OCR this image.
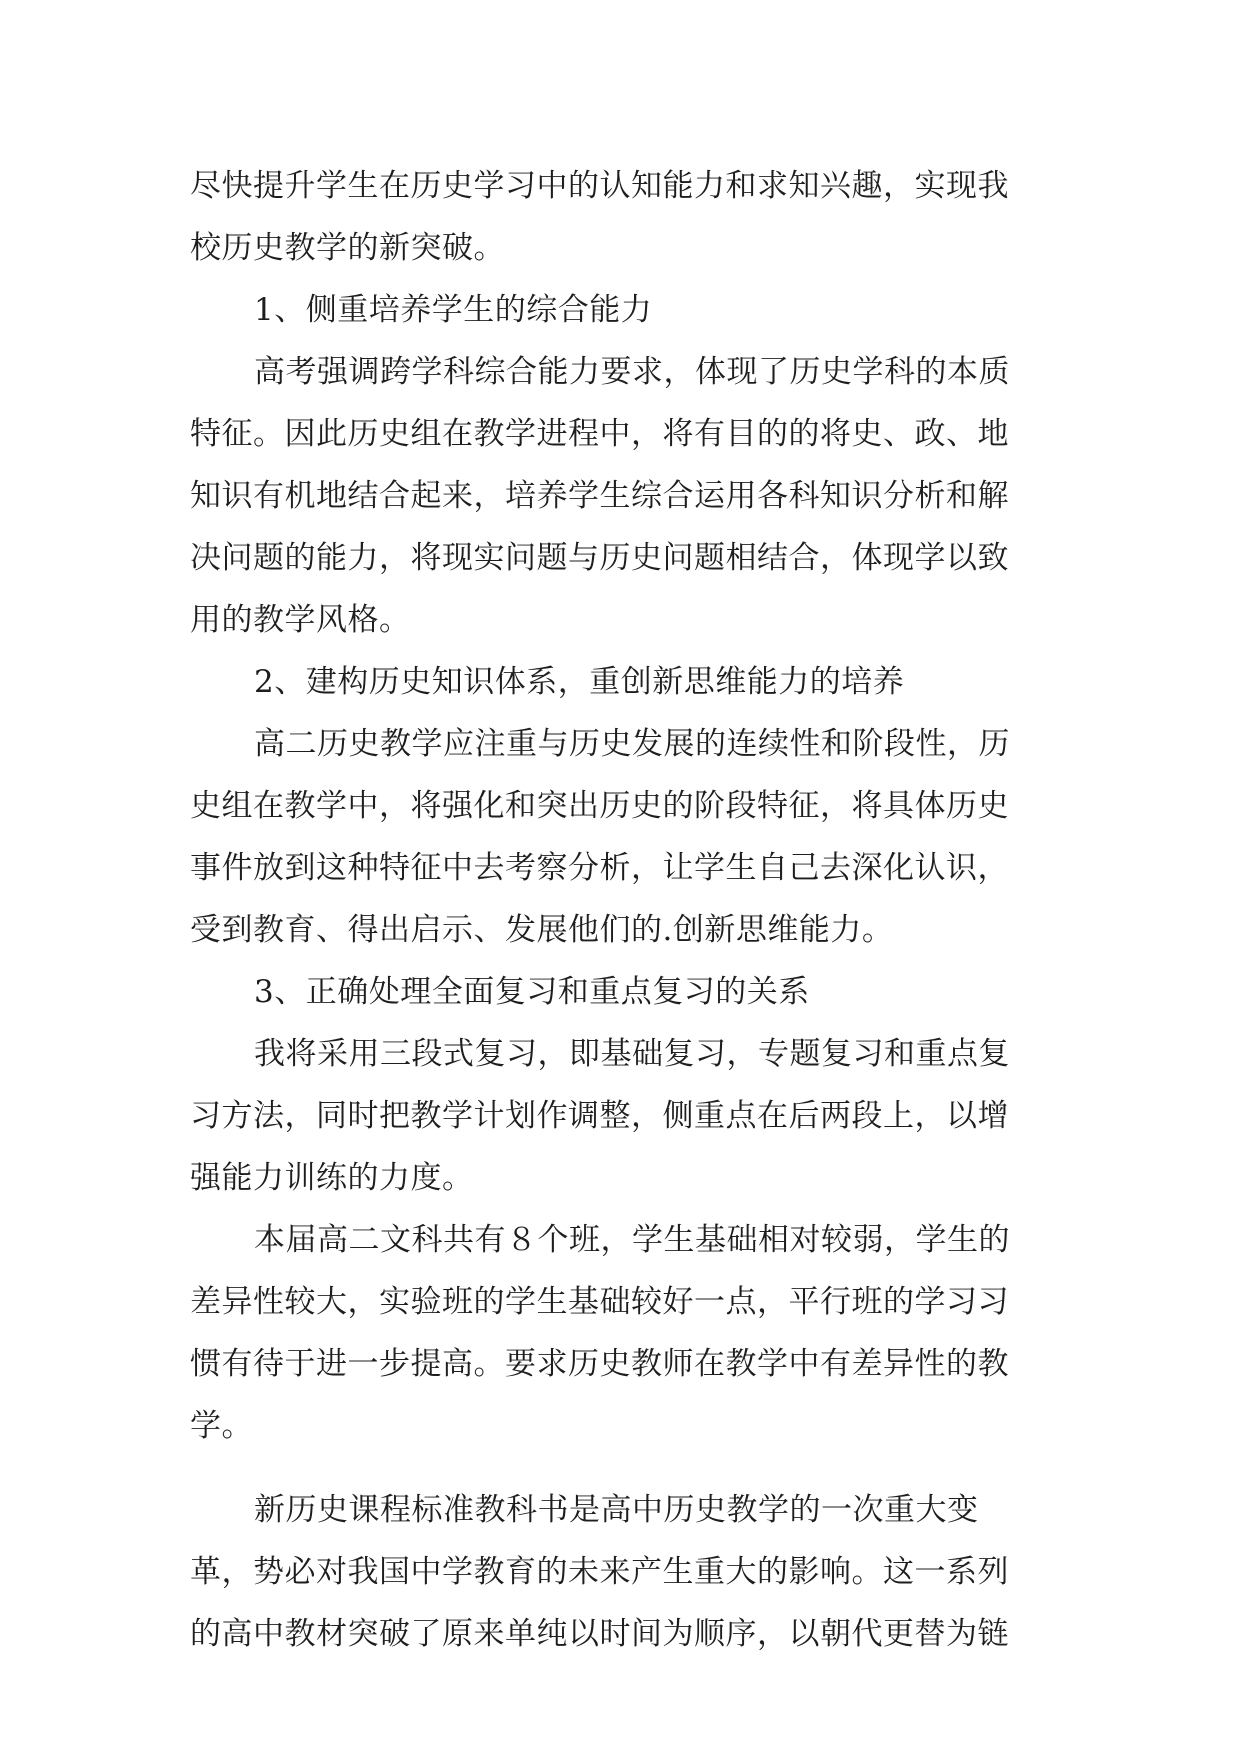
尽快提升学生在历史学习中的认知能力和求知兴趣，实现我
校历史教学的新突破。
1、侧重培养学生的综合能力
高考强调跨学科综合能力要求，体现了历史学科的本质
特征。因此历史组在教学进程中，将有目的的将史、政、地
知识有机地结合起来，培养学生综合运用各科知识分析和解
决问题的能力，将现实问题与历史问题相结合，体现学以致
用的教学风格。
2、建构历史知识体系，重创新思维能力的培养
高二历史教学应注重与历史发展的连续性和阶段性，历
史组在教学中，将强化和突出历史的阶段特征，将具体历史
事件放到这种特征中去考察分析，让学生自己去深化认识，
受到教育、得出启示、发展他们的.创新思维能力。
3、正确处理全面复习和重点复习的关系
我将采用三段式复习，即基础复习，专题复习和重点复
习方法，同时把教学计划作调整，侧重点在后两段上，以增
强能力训练的力度。
本届高二文科共有８个班，学生基础相对较弱，学生的
差异性较大，实验班的学生基础较好一点，平行班的学习习
惯有待于进一步提高。要求历史教师在教学中有差异性的教
学。
新历史课程标准教科书是高中历史教学的一次重大变
革，势必对我国中学教育的未来产生重大的影响。这一系列
的高中教材突破了原来单纯以时间为顺序，以朝代更替为链
